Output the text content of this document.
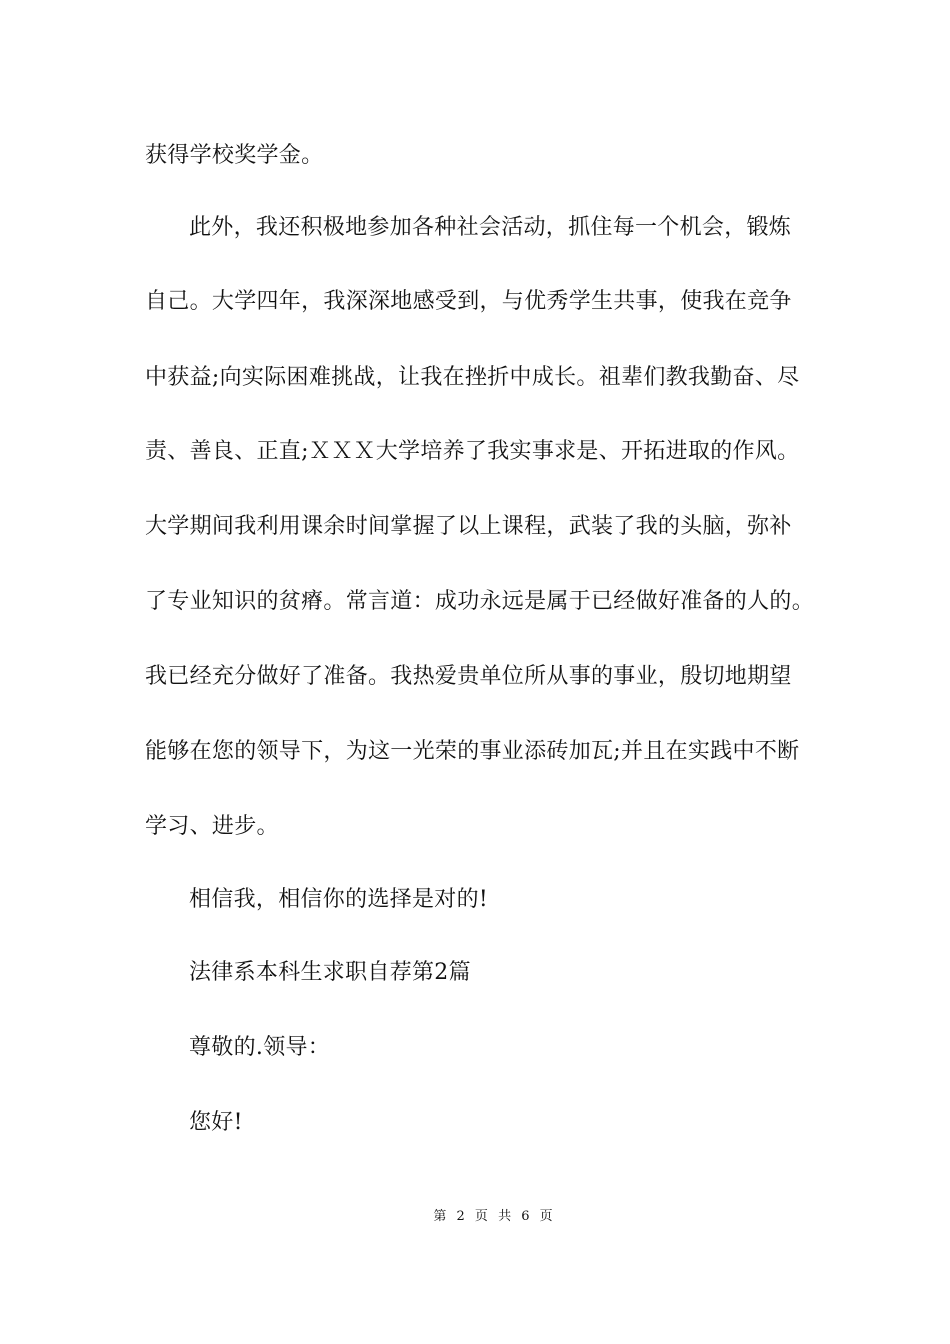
获得学校奖学金。
此外，我还积极地参加各种社会活动，抓住每一个机会，锻炼
自己。大学四年，我深深地感受到，与优秀学生共事，使我在竞争
中获益;向实际困难挑战，让我在挫折中成长。祖辈们教我勤奋、尽
责、善良、正直;ＸＸＸ大学培养了我实事求是、开拓进取的作风。
大学期间我利用课余时间掌握了以上课程，武装了我的头脑，弥补
了专业知识的贫瘠。常言道：成功永远是属于已经做好准备的人的。
我已经充分做好了准备。我热爱贵单位所从事的事业，殷切地期望
能够在您的领导下，为这一光荣的事业添砖加瓦;并且在实践中不断
学习、进步。
相信我，相信你的选择是对的!
法律系本科生求职自荐第2篇
尊敬的.领导：
您好!
第 2 页 共 6 页
